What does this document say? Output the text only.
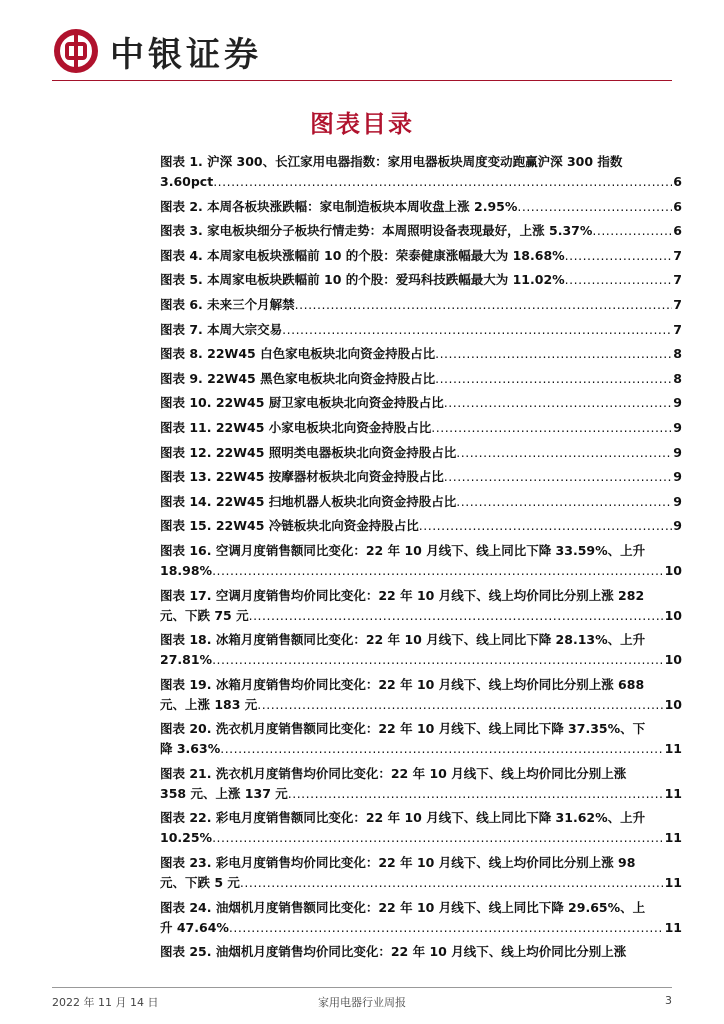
中银证券
图表目录
图表 1. 沪深 300、长江家用电器指数：家用电器板块周度变动跑赢沪深 300 指数
3.60pct .....	6
图表 2. 本周各板块涨跌幅：家电制造板块本周收盘上涨 2.95% .....	6
图表 3. 家电板块细分子板块行情走势：本周照明设备表现最好，上涨 5.37% .....	6
图表 4. 本周家电板块涨幅前 10 的个股：荣泰健康涨幅最大为 18.68% .....	7
图表 5. 本周家电板块跌幅前 10 的个股：爱玛科技跌幅最大为 11.02% .....	7
图表 6. 未来三个月解禁 .....	7
图表 7. 本周大宗交易 .....	7
图表 8. 22W45 白色家电板块北向资金持股占比 .....	8
图表 9. 22W45 黑色家电板块北向资金持股占比 .....	8
图表 10. 22W45 厨卫家电板块北向资金持股占比 .....	9
图表 11. 22W45 小家电板块北向资金持股占比 .....	9
图表 12. 22W45 照明类电器板块北向资金持股占比 .....	9
图表 13. 22W45 按摩器材板块北向资金持股占比 .....	9
图表 14. 22W45 扫地机器人板块北向资金持股占比 .....	9
图表 15. 22W45 冷链板块北向资金持股占比 .....	9
图表 16. 空调月度销售额同比变化：22 年 10 月线下、线上同比下降 33.59%、上升
18.98% .....	10
图表 17. 空调月度销售均价同比变化：22 年 10 月线下、线上均价同比分别上涨 282
元、下跌 75 元 .....	10
图表 18. 冰箱月度销售额同比变化：22 年 10 月线下、线上同比下降 28.13%、上升
27.81% .....	10
图表 19. 冰箱月度销售均价同比变化：22 年 10 月线下、线上均价同比分别上涨 688
元、上涨 183 元 .....	10
图表 20. 洗衣机月度销售额同比变化：22 年 10 月线下、线上同比下降 37.35%、下
降 3.63% .....	11
图表 21. 洗衣机月度销售均价同比变化：22 年 10 月线下、线上均价同比分别上涨
358 元、上涨 137 元 .....	11
图表 22. 彩电月度销售额同比变化：22 年 10 月线下、线上同比下降 31.62%、上升
10.25% .....	11
图表 23. 彩电月度销售均价同比变化：22 年 10 月线下、线上均价同比分别上涨 98
元、下跌 5 元 .....	11
图表 24. 油烟机月度销售额同比变化：22 年 10 月线下、线上同比下降 29.65%、上
升 47.64% .....	11
图表 25. 油烟机月度销售均价同比变化：22 年 10 月线下、线上均价同比分别上涨
2022 年 11 月 14 日	家用电器行业周报	3
